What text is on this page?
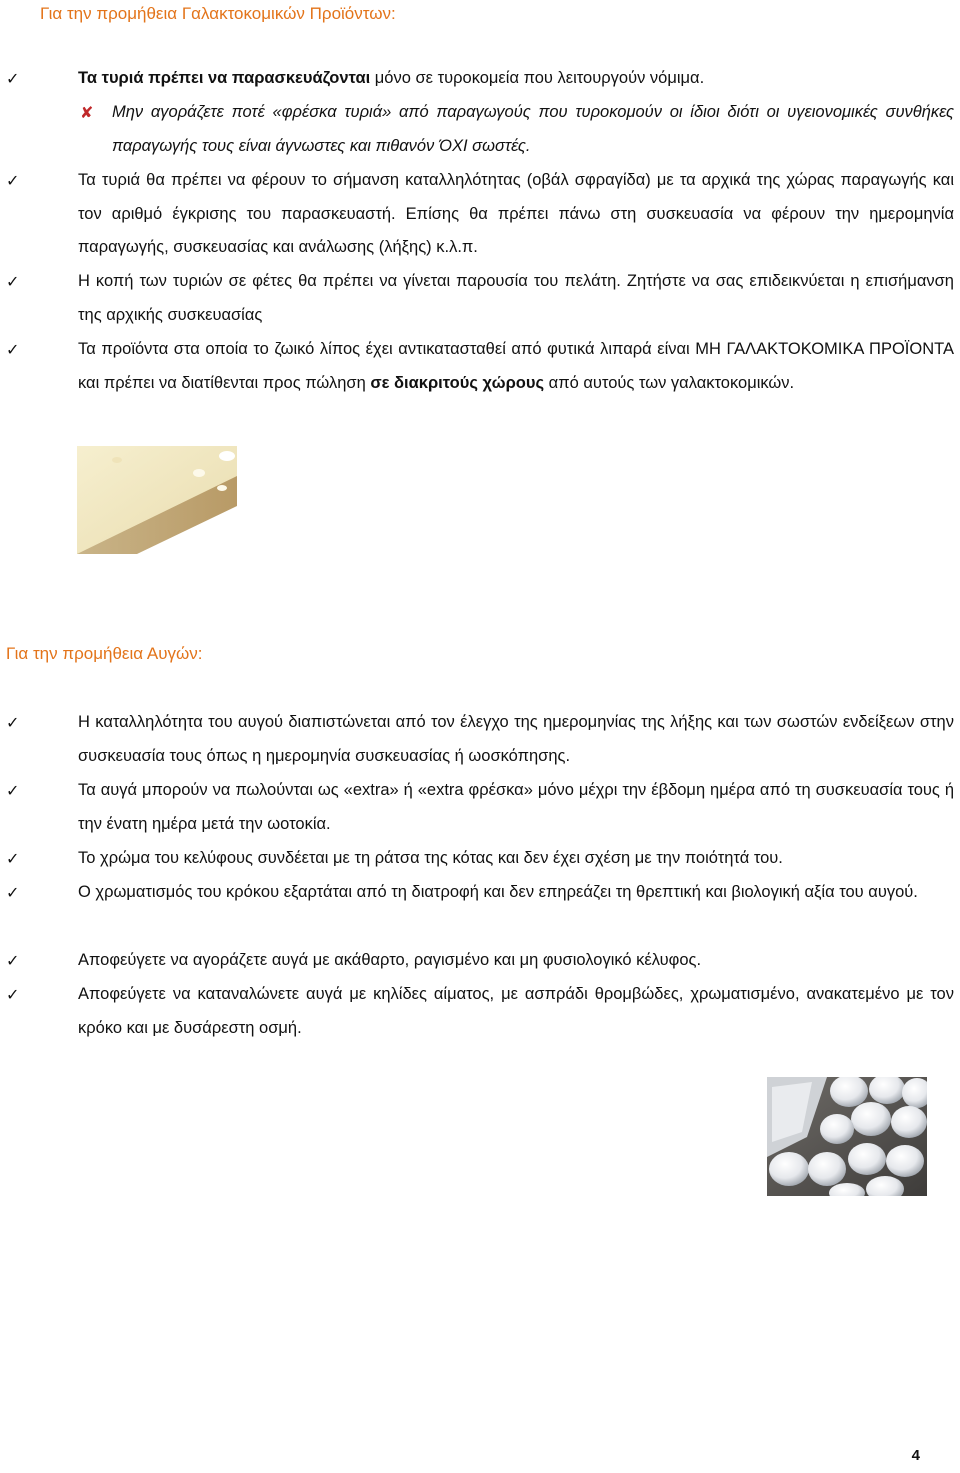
Για την προμήθεια Γαλακτοκομικών Προϊόντων:
✓	Τα τυριά πρέπει να παρασκευάζονται μόνο σε τυροκομεία που λειτουργούν νόμιμα.
✘ Μην αγοράζετε ποτέ «φρέσκα τυριά» από παραγωγούς που τυροκομούν οι ίδιοι διότι οι υγειονομικές συνθήκες παραγωγής τους είναι άγνωστες και πιθανόν ΌΧΙ σωστές.
✓	Τα τυριά θα πρέπει να φέρουν το σήμανση καταλληλότητας (οβάλ σφραγίδα) με τα αρχικά της χώρας παραγωγής και τον αριθμό έγκρισης του παρασκευαστή. Επίσης θα πρέπει πάνω στη συσκευασία να φέρουν την ημερομηνία παραγωγής, συσκευασίας και ανάλωσης (λήξης) κ.λ.π.
✓	Η κοπή των τυριών σε φέτες θα πρέπει να γίνεται παρουσία του πελάτη. Ζητήστε να σας επιδεικνύεται η επισήμανση της αρχικής συσκευασίας
✓	Τα προϊόντα στα οποία το ζωικό λίπος έχει αντικατασταθεί από φυτικά λιπαρά είναι ΜΗ ΓΑΛΑΚΤΟΚΟΜΙΚΑ ΠΡΟΪΟΝΤΑ και πρέπει να διατίθενται προς πώληση σε διακριτούς χώρους από αυτούς των γαλακτοκομικών.
Για την προμήθεια Αυγών:
✓	Η καταλληλότητα του αυγού διαπιστώνεται από τον έλεγχο της ημερομηνίας της λήξης και των σωστών ενδείξεων στην συσκευασία τους όπως η ημερομηνία συσκευασίας ή ωοσκόπησης.
✓	Τα αυγά μπορούν να πωλούνται ως «extra» ή «extra φρέσκα» μόνο μέχρι την έβδομη ημέρα από τη συσκευασία τους ή την ένατη ημέρα μετά την ωοτοκία.
✓	Το χρώμα του κελύφους συνδέεται με τη ράτσα της κότας και δεν έχει σχέση με την ποιότητά του.
✓	Ο χρωματισμός του κρόκου εξαρτάται από τη διατροφή και δεν επηρεάζει τη θρεπτική και βιολογική αξία του αυγού.
✓	Αποφεύγετε να αγοράζετε αυγά με ακάθαρτο, ραγισμένο και μη φυσιολογικό κέλυφος.
✓	Αποφεύγετε να καταναλώνετε αυγά με κηλίδες αίματος, με ασπράδι θρομβώδες, χρωματισμένο, ανακατεμένο με τον κρόκο και με δυσάρεστη οσμή.
4
